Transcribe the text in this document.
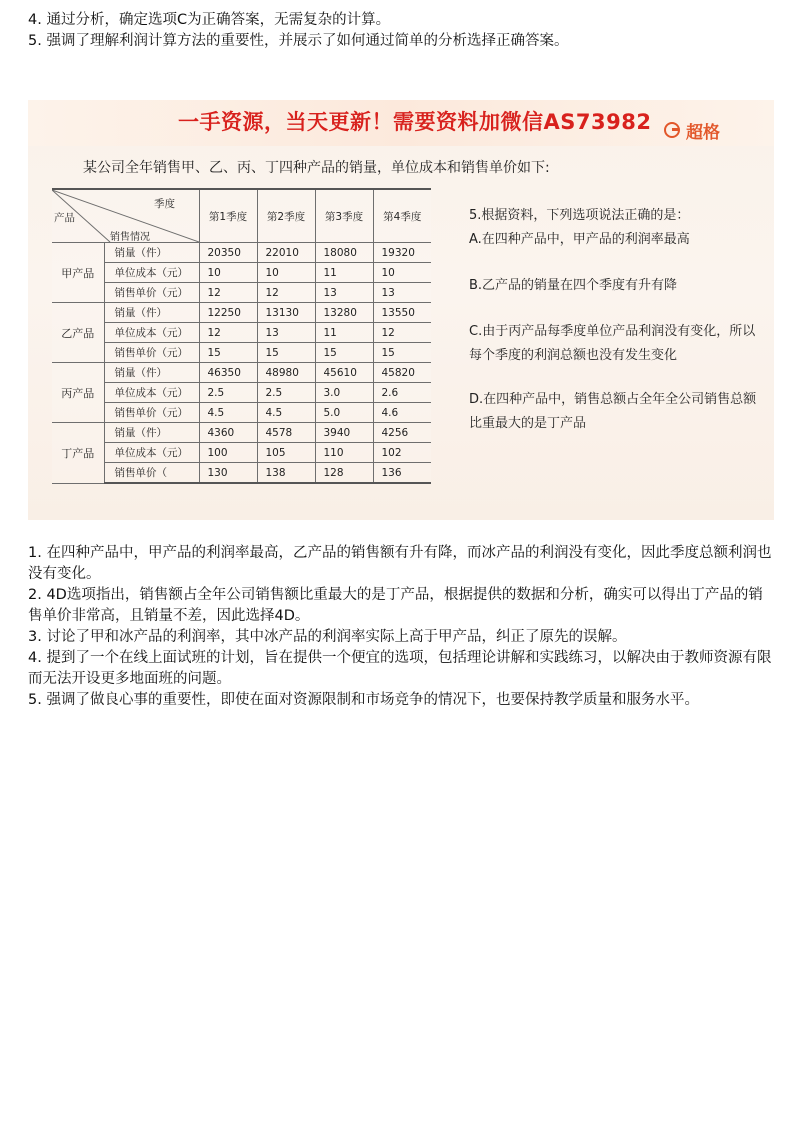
4. 通过分析，确定选项C为正确答案，无需复杂的计算。

5. 强调了理解利润计算方法的重要性，并展示了如何通过简单的分析选择正确答案。

一手资源，当天更新！需要资料加微信AS73982 超格
某公司全年销售甲、乙、丙、丁四种产品的销量，单位成本和销售单价如下:
季度
产品
销售情况		第1季度	第2季度	第3季度	第4季度
甲产品	销量（件）	20350	22010	18080	19320
	单位成本（元）	10	10	11	10
	销售单价（元）	12	12	13	13
乙产品	销量（件）	12250	13130	13280	13550
	单位成本（元）	12	13	11	12
	销售单价（元）	15	15	15	15
丙产品	销量（件）	46350	48980	45610	45820
	单位成本（元）	2.5	2.5	3.0	2.6
	销售单价（元）	4.5	4.5	5.0	4.6
丁产品	销量（件）	4360	4578	3940	4256
	单位成本（元）	100	105	110	102
	销售单价（	130	138	128	136

5.根据资料，下列选项说法正确的是：

A.在四种产品中，甲产品的利润率最高

B.乙产品的销量在四个季度有升有降

C.由于丙产品每季度单位产品利润没有变化，所以每个季度的利润总额也没有发生变化

D.在四种产品中，销售总额占全年全公司销售总额比重最大的是丁产品

1. 在四种产品中，甲产品的利润率最高，乙产品的销售额有升有降，而冰产品的利润没有变化，因此季度总额利润也没有变化。

2. 4D选项指出，销售额占全年公司销售额比重最大的是丁产品，根据提供的数据和分析，确实可以得出丁产品的销售单价非常高，且销量不差，因此选择4D。

3. 讨论了甲和冰产品的利润率，其中冰产品的利润率实际上高于甲产品，纠正了原先的误解。

4. 提到了一个在线上面试班的计划，旨在提供一个便宜的选项，包括理论讲解和实践练习，以解决由于教师资源有限而无法开设更多地面班的问题。

5. 强调了做良心事的重要性，即使在面对资源限制和市场竞争的情况下，也要保持教学质量和服务水平。
